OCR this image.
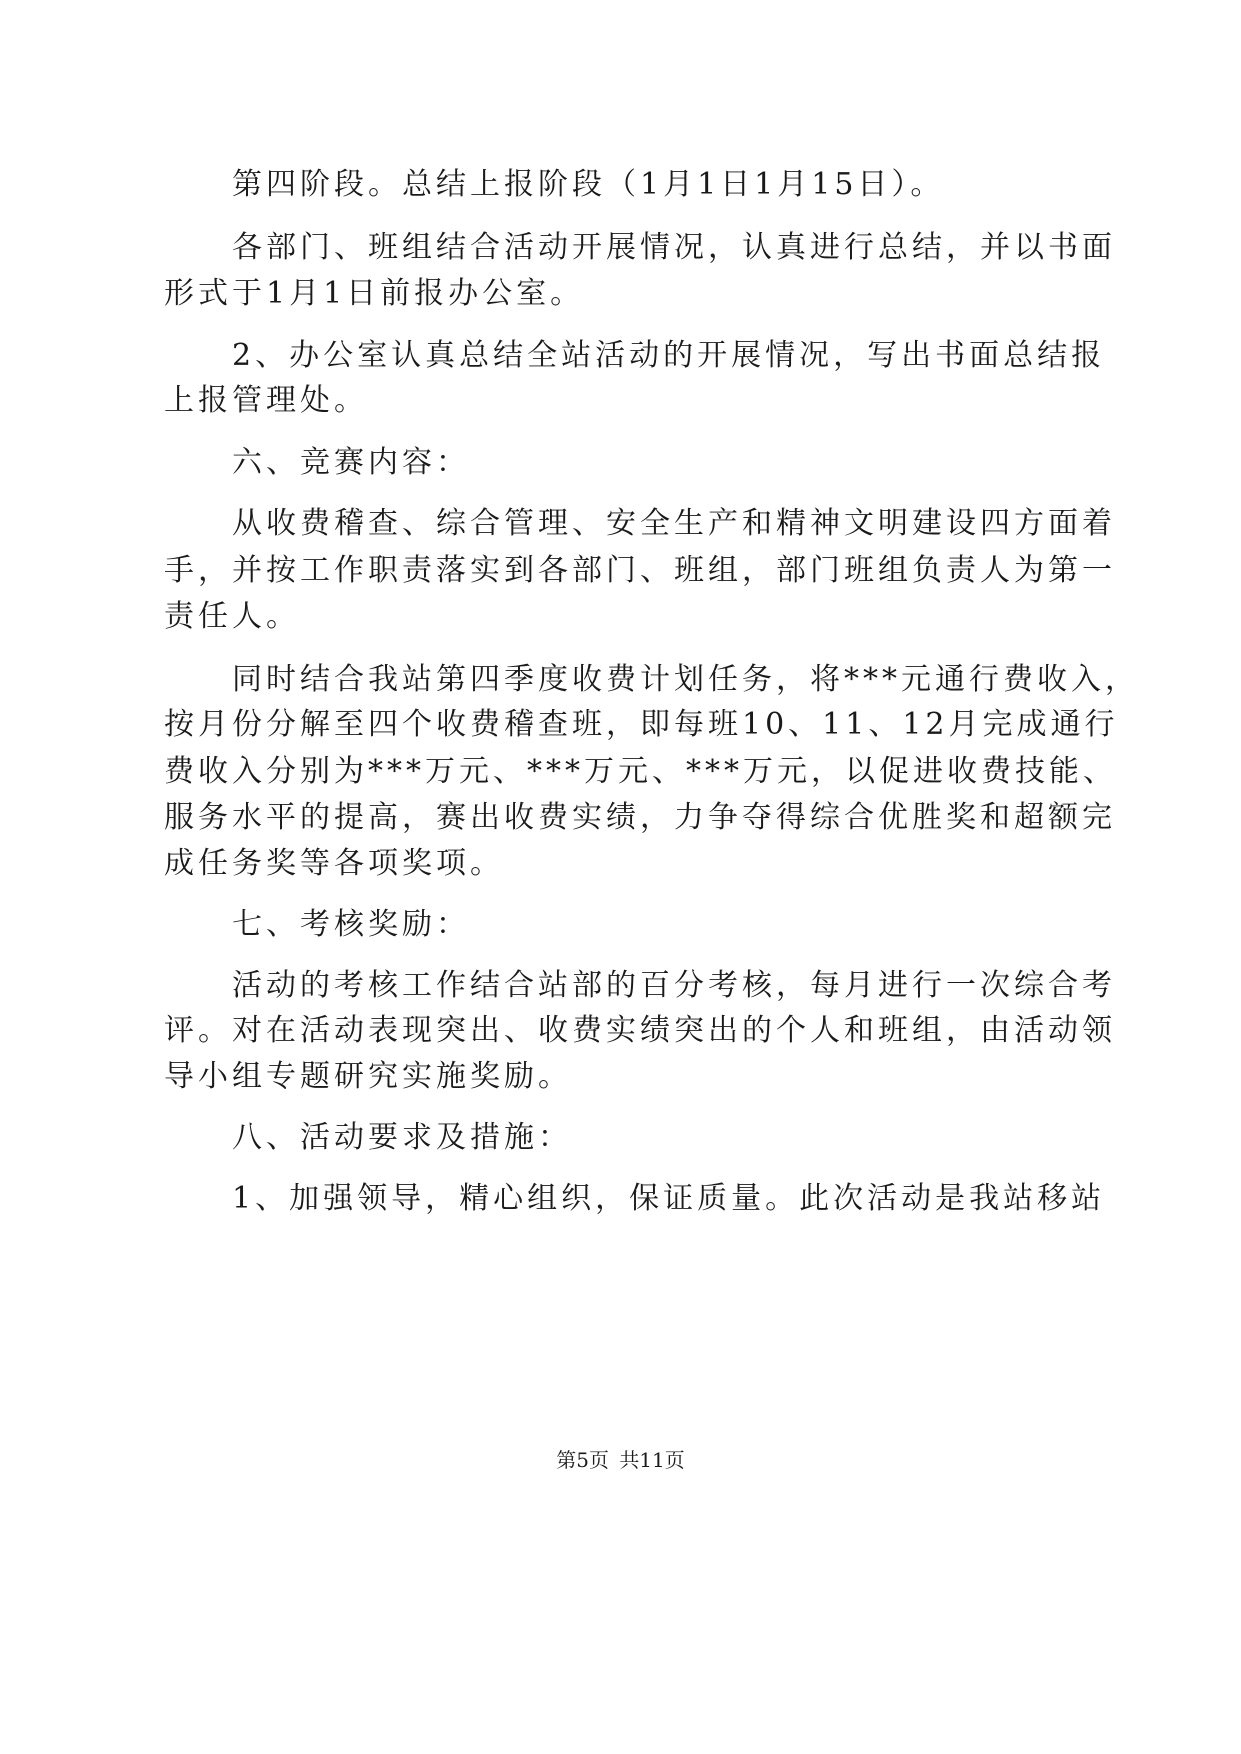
第四阶段。总结上报阶段（1月1日1月15日）。
各部门、班组结合活动开展情况，认真进行总结，并以书面
形式于1月1日前报办公室。
2、办公室认真总结全站活动的开展情况，写出书面总结报
上报管理处。
六、竞赛内容：
从收费稽查、综合管理、安全生产和精神文明建设四方面着
手，并按工作职责落实到各部门、班组，部门班组负责人为第一
责任人。
同时结合我站第四季度收费计划任务，将***元通行费收入，
按月份分解至四个收费稽查班，即每班10、11、12月完成通行
费收入分别为***万元、***万元、***万元，以促进收费技能、
服务水平的提高，赛出收费实绩，力争夺得综合优胜奖和超额完
成任务奖等各项奖项。
七、考核奖励：
活动的考核工作结合站部的百分考核，每月进行一次综合考
评。对在活动表现突出、收费实绩突出的个人和班组，由活动领
导小组专题研究实施奖励。
八、活动要求及措施：
1、加强领导，精心组织，保证质量。此次活动是我站移站
第5页 共11页
